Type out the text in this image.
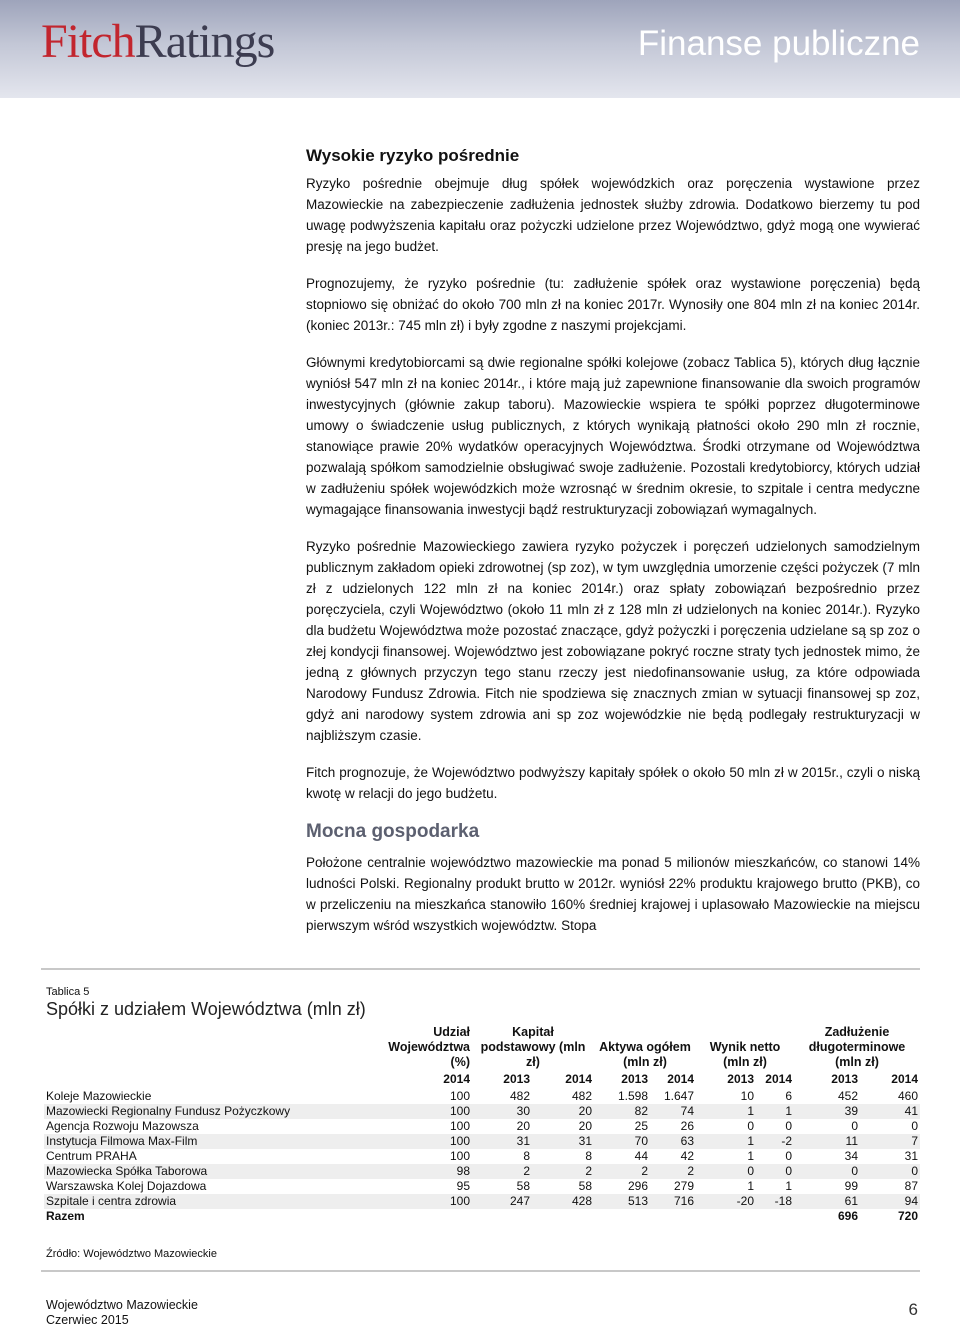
FitchRatings	Finanse publiczne
Wysokie ryzyko pośrednie

Ryzyko pośrednie obejmuje dług spółek wojewódzkich oraz poręczenia wystawione przez Mazowieckie na zabezpieczenie zadłużenia jednostek służby zdrowia. Dodatkowo bierzemy tu pod uwagę podwyższenia kapitału oraz pożyczki udzielone przez Województwo, gdyż mogą one wywierać presję na jego budżet.

Prognozujemy, że ryzyko pośrednie (tu: zadłużenie spółek oraz wystawione poręczenia) będą stopniowo się obniżać do około 700 mln zł na koniec 2017r. Wynosiły one 804 mln zł na koniec 2014r. (koniec 2013r.: 745 mln zł) i były zgodne z naszymi projekcjami.

Głównymi kredytobiorcami są dwie regionalne spółki kolejowe (zobacz Tablica 5), których dług łącznie wyniósł 547 mln zł na koniec 2014r., i które mają już zapewnione finansowanie dla swoich programów inwestycyjnych (głównie zakup taboru). Mazowieckie wspiera te spółki poprzez długoterminowe umowy o świadczenie usług publicznych, z których wynikają płatności około 290 mln zł rocznie, stanowiące prawie 20% wydatków operacyjnych Województwa. Środki otrzymane od Województwa pozwalają spółkom samodzielnie obsługiwać swoje zadłużenie. Pozostali kredytobiorcy, których udział w zadłużeniu spółek wojewódzkich może wzrosnąć w średnim okresie, to szpitale i centra medyczne wymagające finansowania inwestycji bądź restrukturyzacji zobowiązań wymagalnych.

Ryzyko pośrednie Mazowieckiego zawiera ryzyko pożyczek i poręczeń udzielonych samodzielnym publicznym zakładom opieki zdrowotnej (sp zoz), w tym uwzględnia umorzenie części pożyczek (7 mln zł z udzielonych 122 mln zł na koniec 2014r.) oraz spłaty zobowiązań bezpośrednio przez poręczyciela, czyli Województwo (około 11 mln zł z 128 mln zł udzielonych na koniec 2014r.). Ryzyko dla budżetu Województwa może pozostać znaczące, gdyż pożyczki i poręczenia udzielane są sp zoz o złej kondycji finansowej. Województwo jest zobowiązane pokryć roczne straty tych jednostek mimo, że jedną z głównych przyczyn tego stanu rzeczy jest niedofinansowanie usług, za które odpowiada Narodowy Fundusz Zdrowia. Fitch nie spodziewa się znacznych zmian w sytuacji finansowej sp zoz, gdyż ani narodowy system zdrowia ani sp zoz wojewódzkie nie będą podlegały restrukturyzacji w najbliższym czasie.

Fitch prognozuje, że Województwo podwyższy kapitały spółek o około 50 mln zł w 2015r., czyli o niską kwotę w relacji do jego budżetu.

Mocna gospodarka

Położone centralnie województwo mazowieckie ma ponad 5 milionów mieszkańców, co stanowi 14% ludności Polski. Regionalny produkt brutto w 2012r. wyniósł 22% produktu krajowego brutto (PKB), co w przeliczeniu na mieszkańca stanowiło 160% średniej krajowej i uplasowało Mazowieckie na miejscu pierwszym wśród wszystkich województw. Stopa

Tablica 5
Spółki z udziałem Województwa (mln zł)
	Udział Województwa (%)	Kapitał podstawowy (mln zł)		Aktywa ogółem (mln zł)		Wynik netto (mln zł)		Zadłużenie długoterminowe (mln zł)	
	2014	2013	2014	2013	2014	2013	2014	2013	2014
Koleje Mazowieckie	100	482	482	1.598	1.647	10	6	452	460
Mazowiecki Regionalny Fundusz Pożyczkowy	100	30	20	82	74	1	1	39	41
Agencja Rozwoju Mazowsza	100	20	20	25	26	0	0	0	0
Instytucja Filmowa Max-Film	100	31	31	70	63	1	-2	11	7
Centrum PRAHA	100	8	8	44	42	1	0	34	31
Mazowiecka Spółka Taborowa	98	2	2	2	2	0	0	0	0
Warszawska Kolej Dojazdowa	95	58	58	296	279	1	1	99	87
Szpitale i centra zdrowia	100	247	428	513	716	-20	-18	61	94
Razem								696	720
Źródło: Województwo Mazowieckie
Województwo Mazowieckie
Czerwiec 2015
6
